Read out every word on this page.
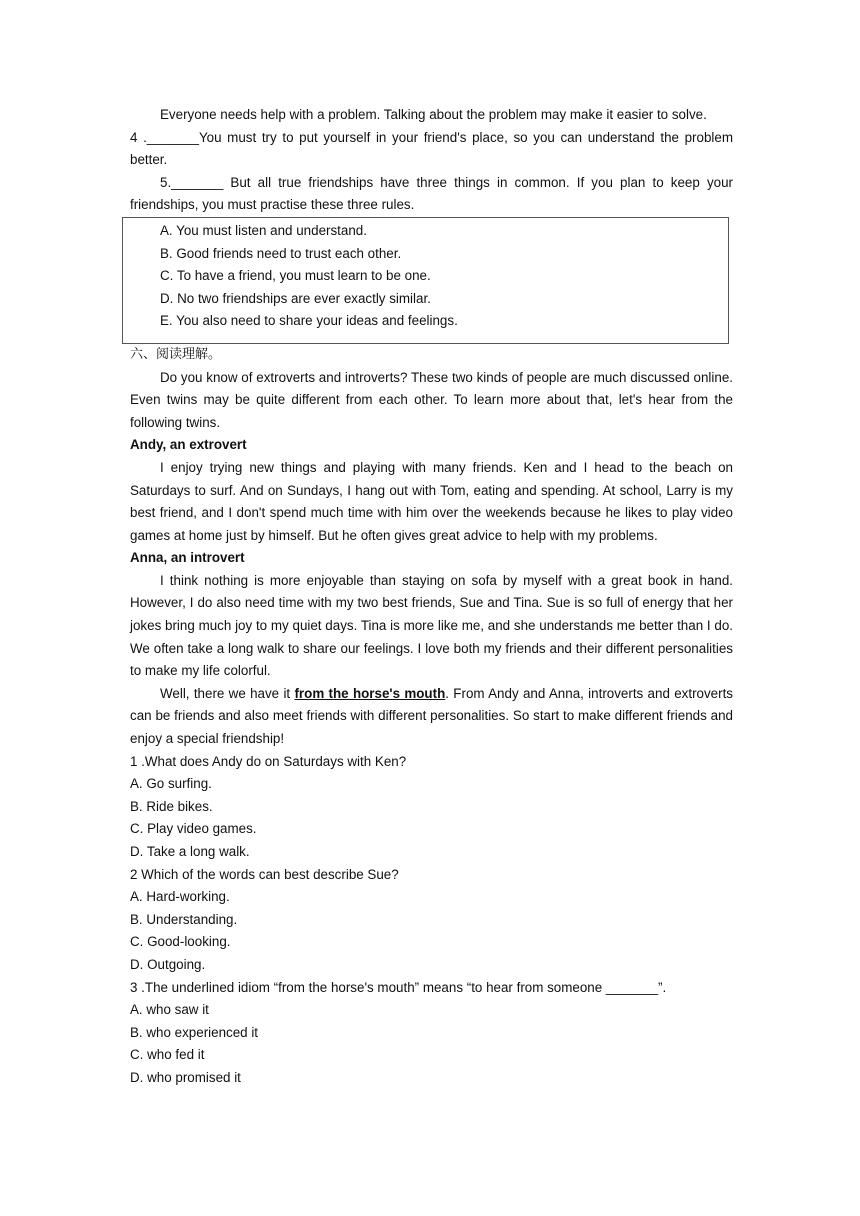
Everyone needs help with a problem. Talking about the problem may make it easier to solve.

4 ._______You must try to put yourself in your friend's place, so you can understand the problem better.

5._______ But all true friendships have three things in common. If you plan to keep your friendships, you must practise these three rules.

A. You must listen and understand.

B. Good friends need to trust each other.

C. To have a friend, you must learn to be one.

D. No two friendships are ever exactly similar.

E. You also need to share your ideas and feelings.

六、阅读理解。

Do you know of extroverts and introverts? These two kinds of people are much discussed online. Even twins may be quite different from each other. To learn more about that, let's hear from the following twins.

Andy, an extrovert

I enjoy trying new things and playing with many friends. Ken and I head to the beach on Saturdays to surf. And on Sundays, I hang out with Tom, eating and spending. At school, Larry is my best friend, and I don't spend much time with him over the weekends because he likes to play video games at home just by himself. But he often gives great advice to help with my problems.

Anna, an introvert

I think nothing is more enjoyable than staying on sofa by myself with a great book in hand. However, I do also need time with my two best friends, Sue and Tina. Sue is so full of energy that her jokes bring much joy to my quiet days. Tina is more like me, and she understands me better than I do. We often take a long walk to share our feelings. I love both my friends and their different personalities to make my life colorful.

Well, there we have it from the horse's mouth. From Andy and Anna, introverts and extroverts can be friends and also meet friends with different personalities. So start to make different friends and enjoy a special friendship!

1 .What does Andy do on Saturdays with Ken?

A. Go surfing.

B. Ride bikes.

C. Play video games.

D. Take a long walk.

2 Which of the words can best describe Sue?

A. Hard-working.

B. Understanding.

C. Good-looking.

D. Outgoing.

3 .The underlined idiom “from the horse's mouth” means “to hear from someone _______”.

A. who saw it

B. who experienced it

C. who fed it

D. who promised it
